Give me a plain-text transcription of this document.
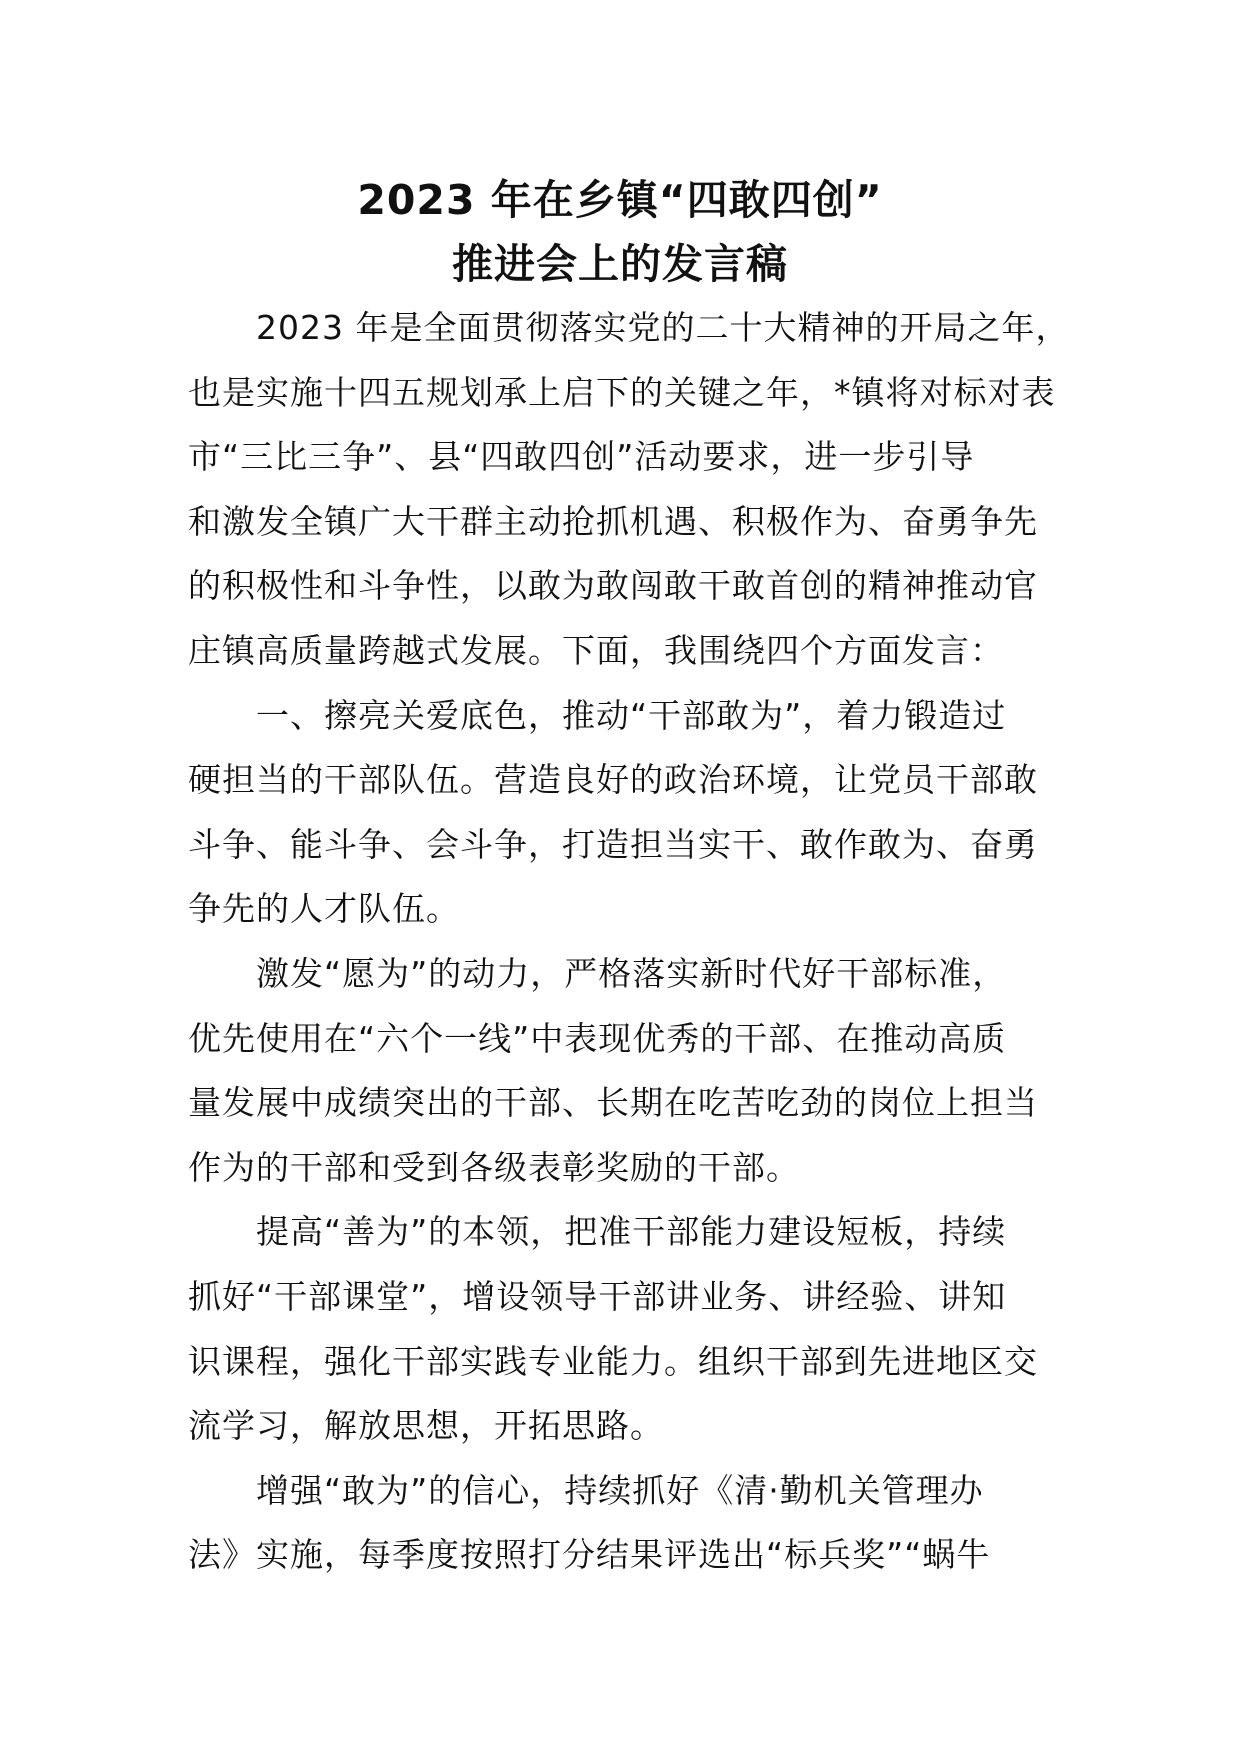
2023 年在乡镇“四敢四创”
推进会上的发言稿
2023 年是全面贯彻落实党的二十大精神的开局之年，
也是实施十四五规划承上启下的关键之年，*镇将对标对表
市“三比三争”、县“四敢四创”活动要求，进一步引导
和激发全镇广大干群主动抢抓机遇、积极作为、奋勇争先
的积极性和斗争性，以敢为敢闯敢干敢首创的精神推动官
庄镇高质量跨越式发展。下面，我围绕四个方面发言：
一、擦亮关爱底色，推动“干部敢为”，着力锻造过
硬担当的干部队伍。营造良好的政治环境，让党员干部敢
斗争、能斗争、会斗争，打造担当实干、敢作敢为、奋勇
争先的人才队伍。
激发“愿为”的动力，严格落实新时代好干部标准，
优先使用在“六个一线”中表现优秀的干部、在推动高质
量发展中成绩突出的干部、长期在吃苦吃劲的岗位上担当
作为的干部和受到各级表彰奖励的干部。
提高“善为”的本领，把准干部能力建设短板，持续
抓好“干部课堂”，增设领导干部讲业务、讲经验、讲知
识课程，强化干部实践专业能力。组织干部到先进地区交
流学习，解放思想，开拓思路。
增强“敢为”的信心，持续抓好《清·勤机关管理办
法》实施，每季度按照打分结果评选出“标兵奖”“蜗牛
